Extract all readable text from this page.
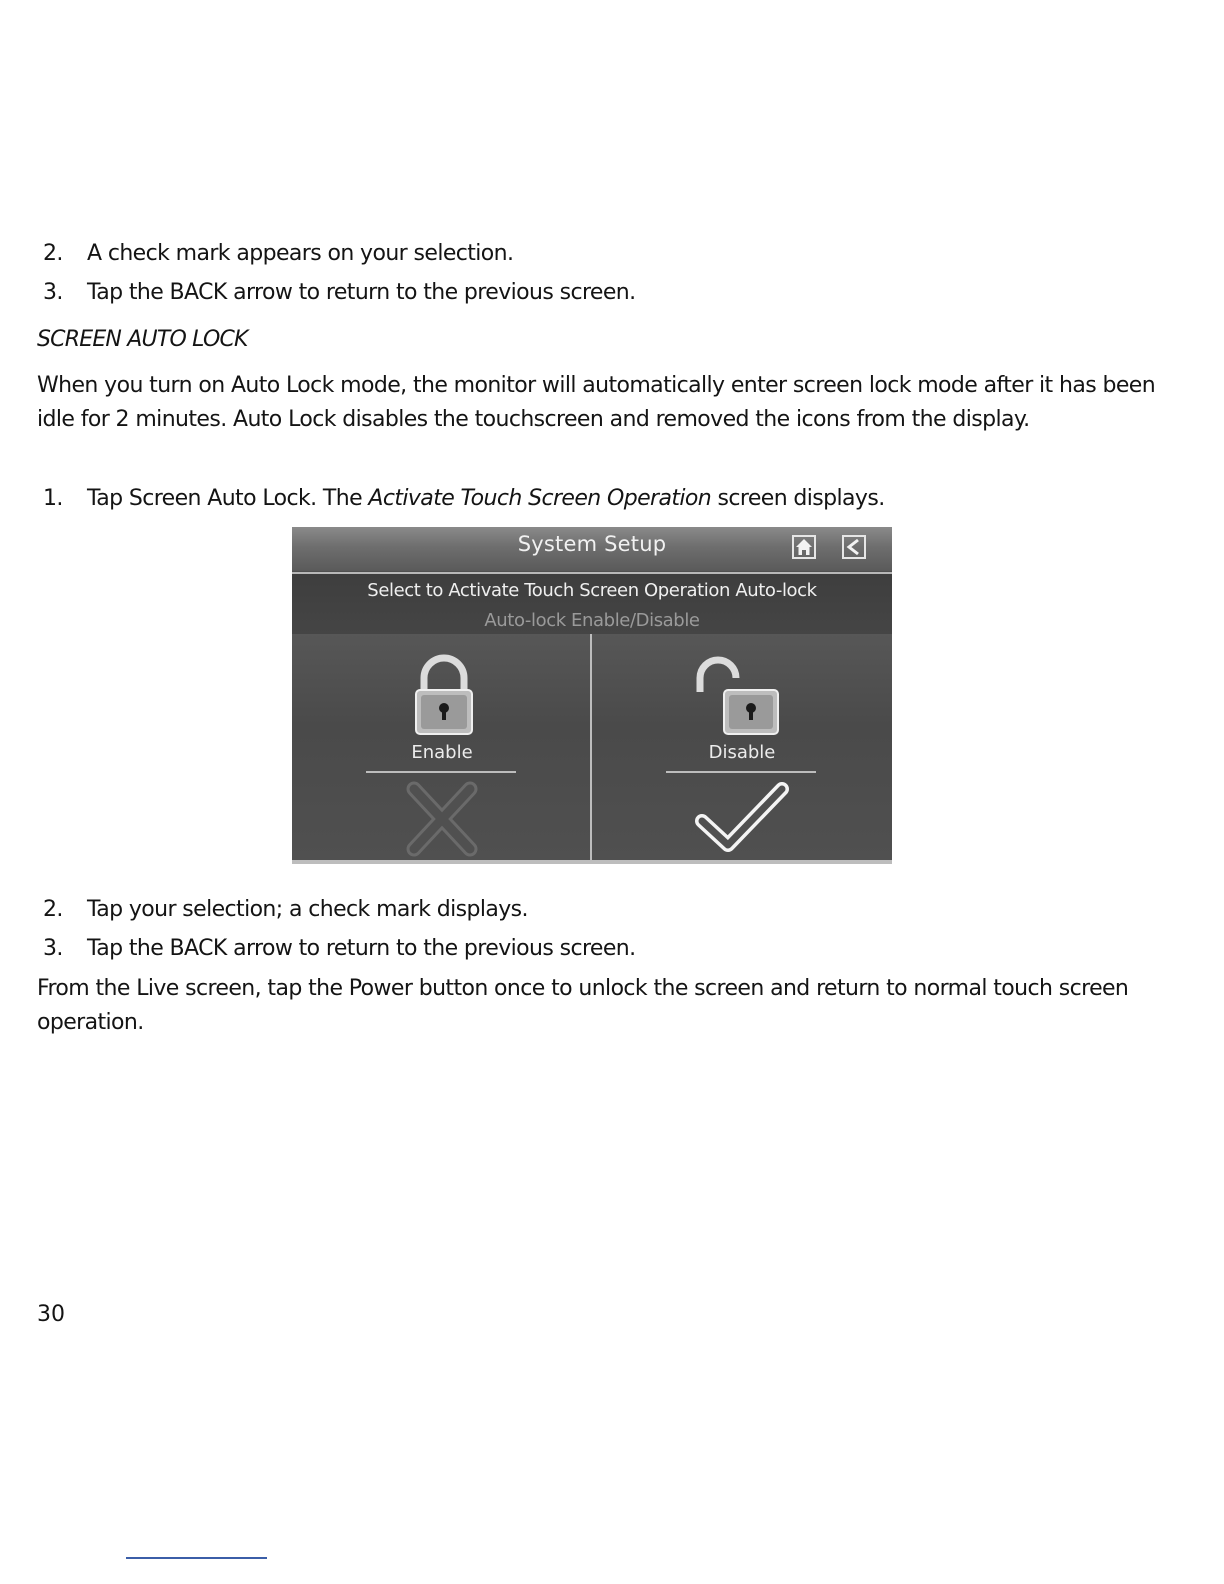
2. A check mark appears on your selection.
3. Tap the BACK arrow to return to the previous screen.
SCREEN AUTO LOCK
When you turn on Auto Lock mode, the monitor will automatically enter screen lock mode after it has been idle for 2 minutes. Auto Lock disables the touchscreen and removed the icons from the display.
1. Tap Screen Auto Lock. The Activate Touch Screen Operation screen displays.
System Setup
Select to Activate Touch Screen Operation Auto-lock
Auto-lock Enable/Disable
Enable	Disable
2. Tap your selection; a check mark displays.
3. Tap the BACK arrow to return to the previous screen.
From the Live screen, tap the Power button once to unlock the screen and return to normal touch screen operation.
30
